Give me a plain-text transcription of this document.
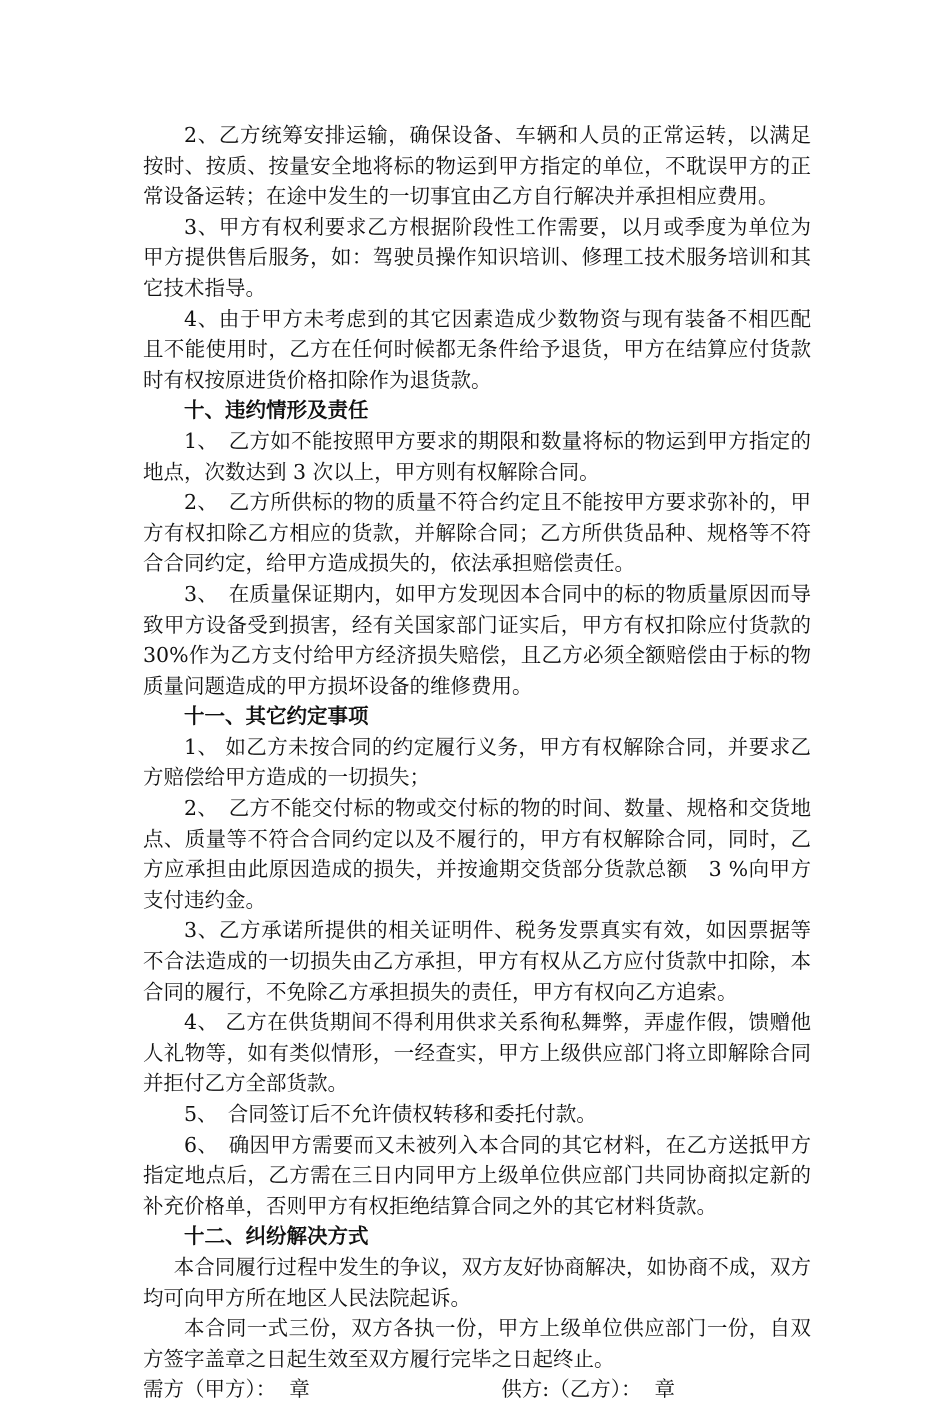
2、乙方统筹安排运输，确保设备、车辆和人员的正常运转，以满足按时、按质、按量安全地将标的物运到甲方指定的单位，不耽误甲方的正常设备运转；在途中发生的一切事宜由乙方自行解决并承担相应费用。

3、甲方有权利要求乙方根据阶段性工作需要，以月或季度为单位为甲方提供售后服务，如：驾驶员操作知识培训、修理工技术服务培训和其它技术指导。

4、由于甲方未考虑到的其它因素造成少数物资与现有装备不相匹配且不能使用时，乙方在任何时候都无条件给予退货，甲方在结算应付货款时有权按原进货价格扣除作为退货款。

十、违约情形及责任

1、　乙方如不能按照甲方要求的期限和数量将标的物运到甲方指定的地点，次数达到 3 次以上，甲方则有权解除合同。

2、　乙方所供标的物的质量不符合约定且不能按甲方要求弥补的，甲方有权扣除乙方相应的货款，并解除合同；乙方所供货品种、规格等不符合合同约定，给甲方造成损失的，依法承担赔偿责任。

3、　在质量保证期内，如甲方发现因本合同中的标的物质量原因而导致甲方设备受到损害，经有关国家部门证实后，甲方有权扣除应付货款的 30%作为乙方支付给甲方经济损失赔偿，且乙方必须全额赔偿由于标的物质量问题造成的甲方损坏设备的维修费用。

十一、其它约定事项

1、 如乙方未按合同的约定履行义务，甲方有权解除合同，并要求乙方赔偿给甲方造成的一切损失；

2、　乙方不能交付标的物或交付标的物的时间、数量、规格和交货地点、质量等不符合合同约定以及不履行的，甲方有权解除合同，同时，乙方应承担由此原因造成的损失，并按逾期交货部分货款总额　3 %向甲方支付违约金。

3、乙方承诺所提供的相关证明件、税务发票真实有效，如因票据等不合法造成的一切损失由乙方承担，甲方有权从乙方应付货款中扣除，本合同的履行，不免除乙方承担损失的责任，甲方有权向乙方追索。

4、 乙方在供货期间不得利用供求关系徇私舞弊，弄虚作假，馈赠他人礼物等，如有类似情形，一经查实，甲方上级供应部门将立即解除合同并拒付乙方全部货款。

5、　合同签订后不允许债权转移和委托付款。

6、　确因甲方需要而又未被列入本合同的其它材料，在乙方送抵甲方指定地点后，乙方需在三日内同甲方上级单位供应部门共同协商拟定新的补充价格单，否则甲方有权拒绝结算合同之外的其它材料货款。

十二、纠纷解决方式

本合同履行过程中发生的争议，双方友好协商解决，如协商不成，双方均可向甲方所在地区人民法院起诉。

本合同一式三份，双方各执一份，甲方上级单位供应部门一份，自双方签字盖章之日起生效至双方履行完毕之日起终止。

需方（甲方）：  章	供方:（乙方）：  章
